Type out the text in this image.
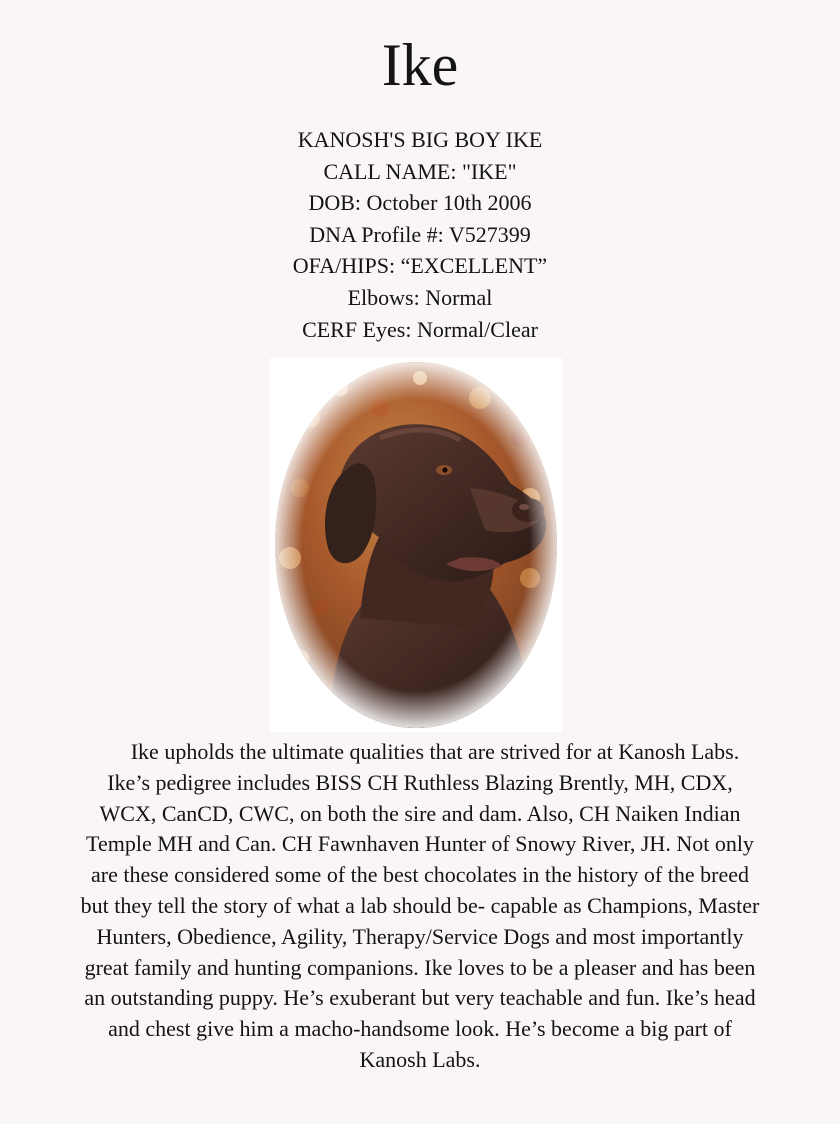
Ike
KANOSH'S BIG BOY IKE
CALL NAME: "IKE"
DOB: October 10th 2006
DNA Profile #: V527399
OFA/HIPS: “EXCELLENT”
Elbows: Normal
CERF Eyes: Normal/Clear

Ike upholds the ultimate qualities that are strived for at Kanosh Labs.
Ike’s pedigree includes BISS CH Ruthless Blazing Brently, MH, CDX,
WCX, CanCD, CWC, on both the sire and dam. Also, CH Naiken Indian
Temple MH and Can. CH Fawnhaven Hunter of Snowy River, JH. Not only
are these considered some of the best chocolates in the history of the breed
but they tell the story of what a lab should be- capable as Champions, Master
Hunters, Obedience, Agility, Therapy/Service Dogs and most importantly
great family and hunting companions. Ike loves to be a pleaser and has been
an outstanding puppy. He’s exuberant but very teachable and fun. Ike’s head
and chest give him a macho-handsome look. He’s become a big part of
Kanosh Labs.
